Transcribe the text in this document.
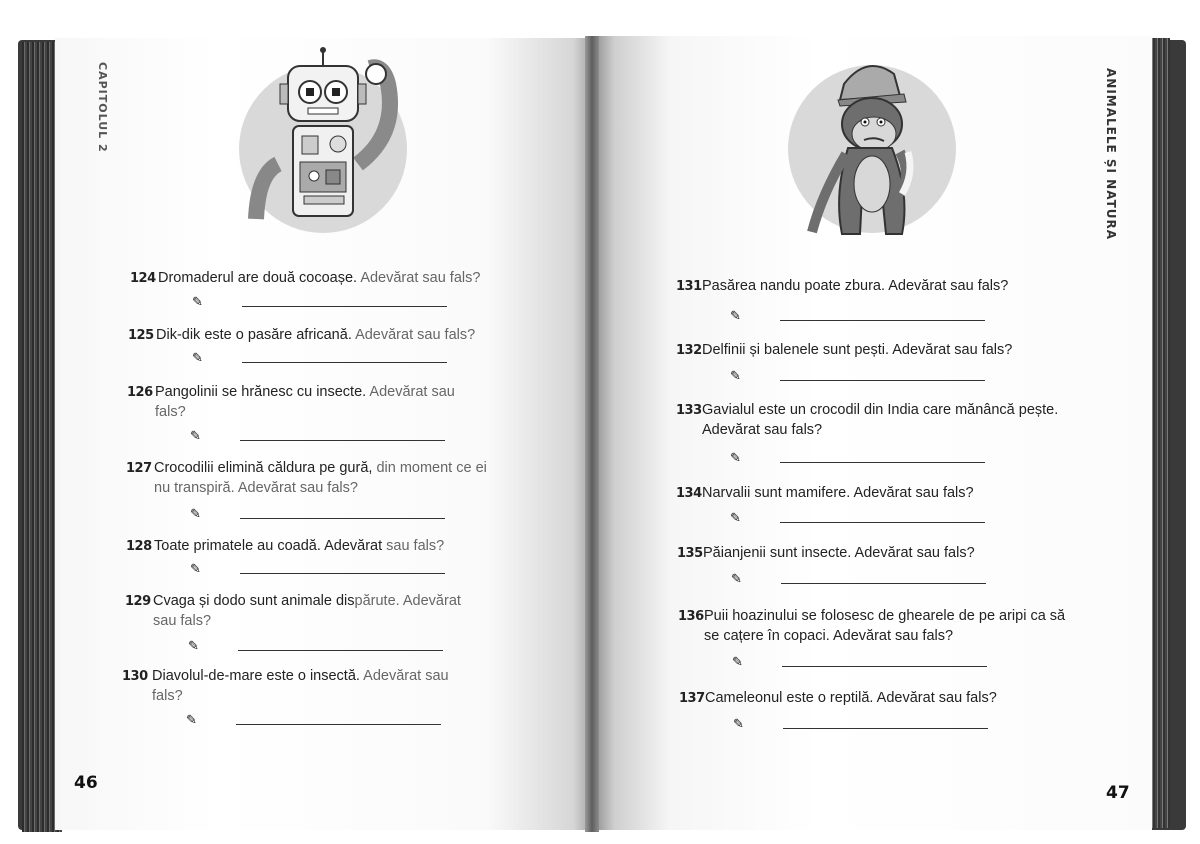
CAPITOLUL 2	ANIMALELE ȘI NATURA
124 Dromaderul are două cocoașe. Adevărat sau fals?
✎
125 Dik-dik este o pasăre africană. Adevărat sau fals?
✎
126 Pangolinii se hrănesc cu insecte. Adevărat sau fals?
✎
127 Crocodilii elimină căldura pe gură, din moment ce ei nu transpiră. Adevărat sau fals?
✎
128 Toate primatele au coadă. Adevărat sau fals?
✎
129 Cvaga și dodo sunt animale dispărute. Adevărat sau fals?
✎
130 Diavolul-de-mare este o insectă. Adevărat sau fals?
✎
131 Pasărea nandu poate zbura. Adevărat sau fals?
✎
132 Delfinii și balenele sunt pești. Adevărat sau fals?
✎
133 Gavialul este un crocodil din India care mănâncă pește. Adevărat sau fals?
✎
134 Narvalii sunt mamifere. Adevărat sau fals?
✎
135 Păianjenii sunt insecte. Adevărat sau fals?
✎
136 Puii hoazinului se folosesc de ghearele de pe aripi ca să se cațere în copaci. Adevărat sau fals?
✎
137 Cameleonul este o reptilă. Adevărat sau fals?
✎
46	47
